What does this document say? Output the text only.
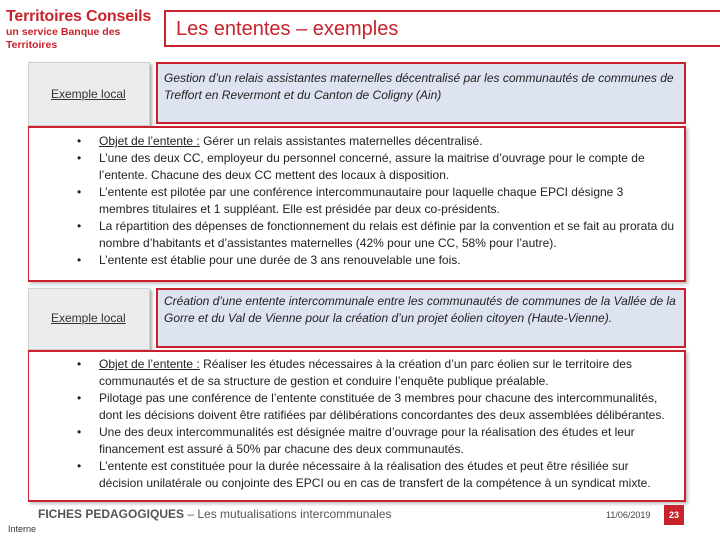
Territoires Conseils
un service Banque des Territoires
Les ententes – exemples
Exemple local
Gestion d’un relais assistantes maternelles décentralisé par les communautés de communes de Treffort en Revermont et du Canton de Coligny (Ain)
• Objet de l’entente : Gérer un relais assistantes maternelles décentralisé.
• L’une des deux CC, employeur du personnel concerné, assure la maitrise d’ouvrage pour le compte de l’entente. Chacune des deux CC mettent des locaux à disposition.
• L’entente est pilotée par une conférence intercommunautaire pour laquelle chaque EPCI désigne 3 membres titulaires et 1 suppléant. Elle est présidée par deux co-présidents.
• La répartition des dépenses de fonctionnement du relais est définie par la convention et se fait au prorata du nombre d’habitants et d’assistantes maternelles (42% pour une CC, 58% pour l’autre).
• L’entente est établie pour une durée de 3 ans renouvelable une fois.
Exemple local
Création d’une entente intercommunale entre les communautés de communes de la Vallée de la Gorre et du Val de Vienne pour la création d’un projet éolien citoyen (Haute-Vienne).
• Objet de l’entente : Réaliser les études nécessaires à la création d’un parc éolien sur le territoire des communautés et de sa structure de gestion et conduire l’enquête publique préalable.
• Pilotage pas une conférence de l’entente constituée de 3 membres pour chacune des intercommunalités, dont les décisions doivent être ratifiées par délibérations concordantes des deux assemblées délibérantes.
• Une des deux intercommunalités est désignée maitre d’ouvrage pour la réalisation des études et leur financement est assuré à 50% par chacune des deux communautés.
• L’entente est constituée pour la durée nécessaire à la réalisation des études et peut être résiliée sur décision unilatérale ou conjointe des EPCI ou en cas de transfert de la compétence à un syndicat mixte.
FICHES PEDAGOGIQUES – Les mutualisations intercommunales	11/06/2019	23
Interne
